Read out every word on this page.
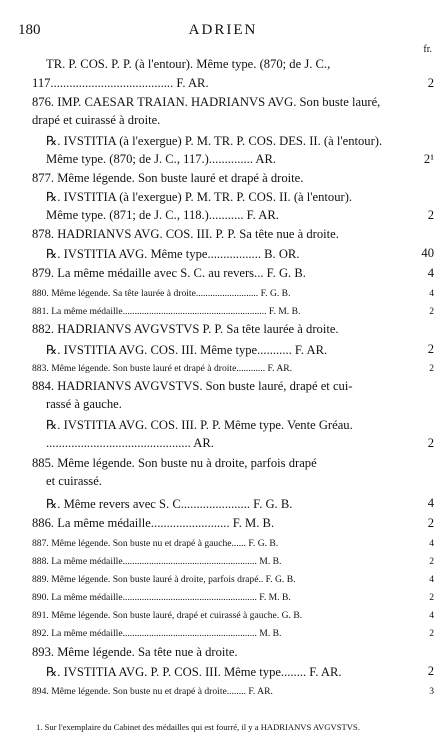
180	ADRIEN
fr.
TR. P. COS. P. P. (à l'entour). Même type. (870; de J. C.,
117....................................... F. AR.	2
876. IMP. CAESAR TRAIAN. HADRIANVS AVG. Son buste lauré,
drapé et cuirassé à droite.
℞. IVSTITIA (à l'exergue) P. M. TR. P. COS. DES. II. (à l'entour).
Même type. (870; de J. C., 117.).............. AR.	2¹
877. Même légende. Son buste lauré et drapé à droite.
℞. IVSTITIA (à l'exergue) P. M. TR. P. COS. II. (à l'entour).
Même type. (871; de J. C., 118.)........... F. AR.	2
878. HADRIANVS AVG. COS. III. P. P. Sa tête nue à droite.
℞. IVSTITIA AVG. Même type................. B. OR.	40
879. La même médaille avec S. C. au revers... F. G. B.	4
880. Même légende. Sa tête laurée à droite.......................... F. G. B.	4
881. La même médaille............................................................ F. M. B.	2
882. HADRIANVS AVGVSTVS P. P. Sa tête laurée à droite.
℞. IVSTITIA AVG. COS. III. Même type........... F. AR.	2
883. Même légende. Son buste lauré et drapé à droite............ F. AR.	2
884. HADRIANVS AVGVSTVS. Son buste lauré, drapé et cui-
rassé à gauche.
℞. IVSTITIA AVG. COS. III. P. P. Même type. Vente Gréau.
.............................................. AR.	2
885. Même légende. Son buste nu à droite, parfois drapé
et cuirassé.
℞. Même revers avec S. C...................... F. G. B.	4
886. La même médaille......................... F. M. B.	2
887. Même légende. Son buste nu et drapé à gauche...... F. G. B.	4
888. La même médaille........................................................ M. B.	2
889. Même légende. Son buste lauré à droite, parfois drapé.. F. G. B.	4
890. La même médaille........................................................ F. M. B.	2
891. Même légende. Son buste lauré, drapé et cuirassé à gauche. G. B.	4
892. La même médaille........................................................ M. B.	2
893. Même légende. Sa tête nue à droite.
℞. IVSTITIA AVG. P. P. COS. III. Même type........ F. AR.	2
894. Même légende. Son buste nu et drapé à droite........ F. AR.	3
1. Sur l'exemplaire du Cabinet des médailles qui est fourré, il y a HADRIANVS AVGVSTVS.
